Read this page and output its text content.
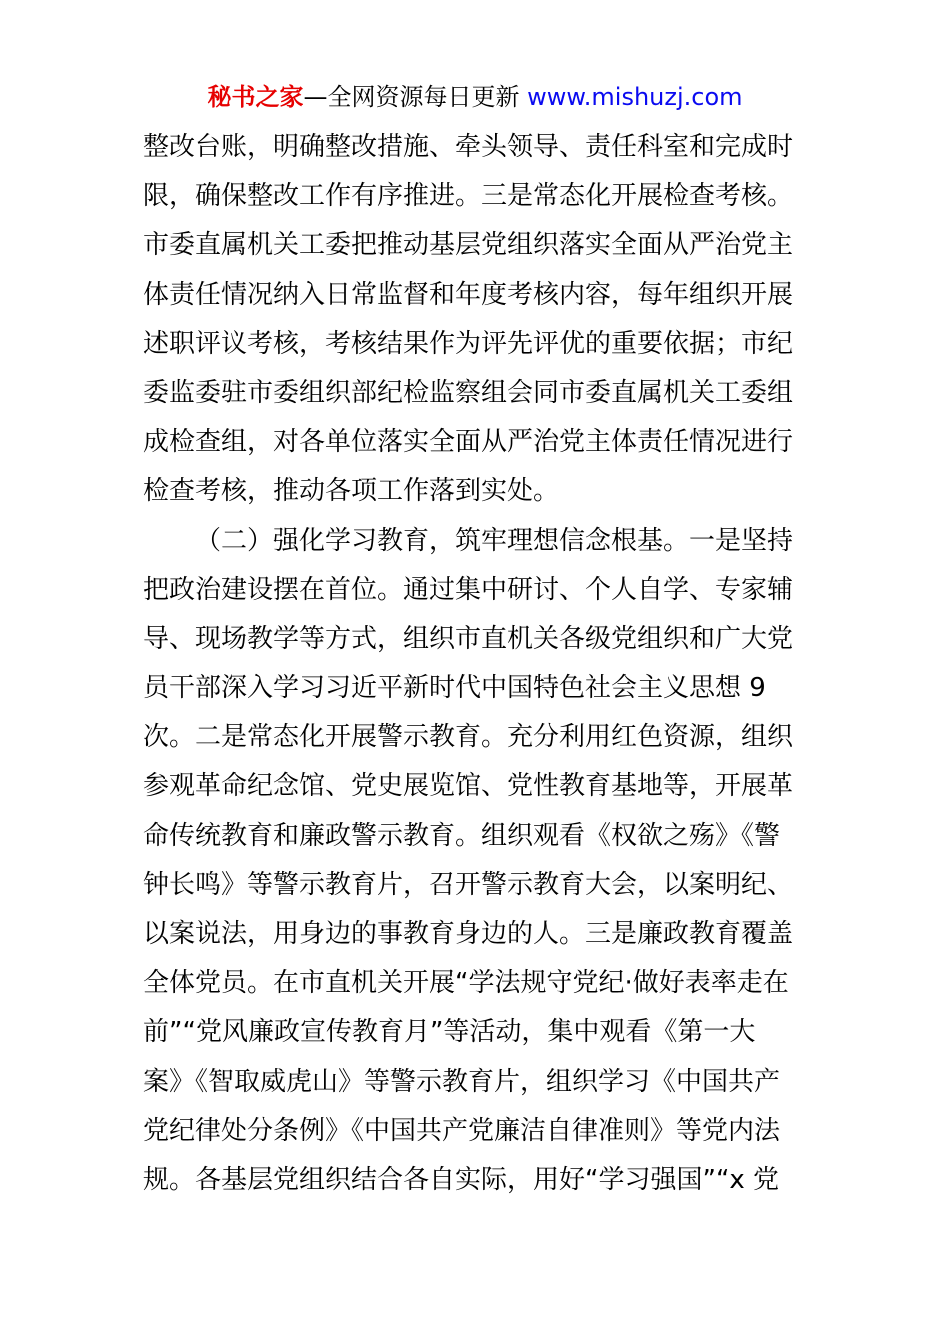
秘书之家—全网资源每日更新 www.mishuzj.com
整改台账，明确整改措施、牵头领导、责任科室和完成时
限，确保整改工作有序推进。三是常态化开展检查考核。
市委直属机关工委把推动基层党组织落实全面从严治党主
体责任情况纳入日常监督和年度考核内容，每年组织开展
述职评议考核，考核结果作为评先评优的重要依据；市纪
委监委驻市委组织部纪检监察组会同市委直属机关工委组
成检查组，对各单位落实全面从严治党主体责任情况进行
检查考核，推动各项工作落到实处。
（二）强化学习教育，筑牢理想信念根基。一是坚持
把政治建设摆在首位。通过集中研讨、个人自学、专家辅
导、现场教学等方式，组织市直机关各级党组织和广大党
员干部深入学习习近平新时代中国特色社会主义思想 9
次。二是常态化开展警示教育。充分利用红色资源，组织
参观革命纪念馆、党史展览馆、党性教育基地等，开展革
命传统教育和廉政警示教育。组织观看《权欲之殇》《警
钟长鸣》等警示教育片，召开警示教育大会，以案明纪、
以案说法，用身边的事教育身边的人。三是廉政教育覆盖
全体党员。在市直机关开展“学法规守党纪·做好表率走在
前”“党风廉政宣传教育月”等活动，集中观看《第一大
案》《智取威虎山》等警示教育片，组织学习《中国共产
党纪律处分条例》《中国共产党廉洁自律准则》等党内法
规。各基层党组织结合各自实际，用好“学习强国”“x 党
